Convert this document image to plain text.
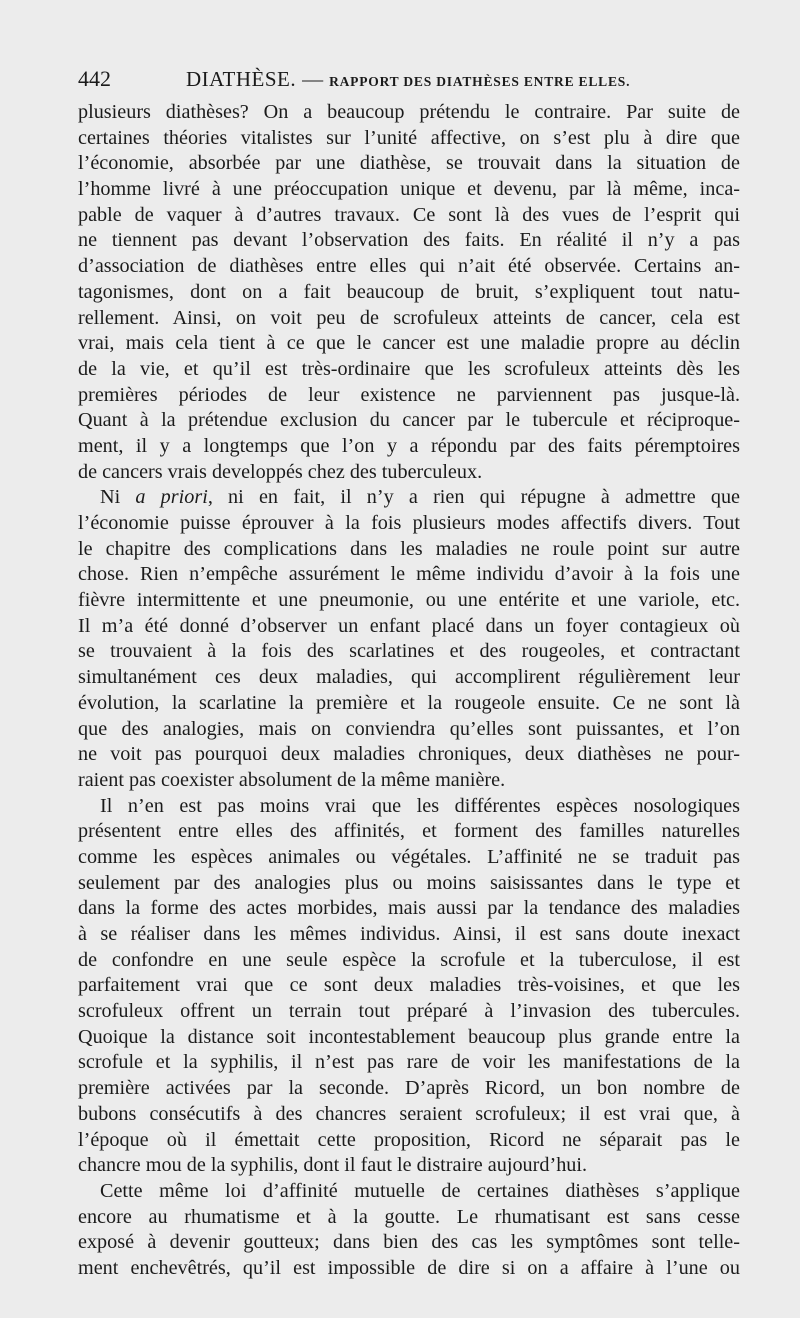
442	DIATHÈSE. — RAPPORT DES DIATHÈSES ENTRE ELLES.
plusieurs diathèses? On a beaucoup prétendu le contraire. Par suite de
certaines théories vitalistes sur l’unité affective, on s’est plu à dire que
l’économie, absorbée par une diathèse, se trouvait dans la situation de
l’homme livré à une préoccupation unique et devenu, par là même, inca-
pable de vaquer à d’autres travaux. Ce sont là des vues de l’esprit qui
ne tiennent pas devant l’observation des faits. En réalité il n’y a pas
d’association de diathèses entre elles qui n’ait été observée. Certains an-
tagonismes, dont on a fait beaucoup de bruit, s’expliquent tout natu-
rellement. Ainsi, on voit peu de scrofuleux atteints de cancer, cela est
vrai, mais cela tient à ce que le cancer est une maladie propre au déclin
de la vie, et qu’il est très-ordinaire que les scrofuleux atteints dès les
premières périodes de leur existence ne parviennent pas jusque-là.
Quant à la prétendue exclusion du cancer par le tubercule et réciproque-
ment, il y a longtemps que l’on y a répondu par des faits péremptoires
de cancers vrais developpés chez des tuberculeux.
Ni a priori, ni en fait, il n’y a rien qui répugne à admettre que
l’économie puisse éprouver à la fois plusieurs modes affectifs divers. Tout
le chapitre des complications dans les maladies ne roule point sur autre
chose. Rien n’empêche assurément le même individu d’avoir à la fois une
fièvre intermittente et une pneumonie, ou une entérite et une variole, etc.
Il m’a été donné d’observer un enfant placé dans un foyer contagieux où
se trouvaient à la fois des scarlatines et des rougeoles, et contractant
simultanément ces deux maladies, qui accomplirent régulièrement leur
évolution, la scarlatine la première et la rougeole ensuite. Ce ne sont là
que des analogies, mais on conviendra qu’elles sont puissantes, et l’on
ne voit pas pourquoi deux maladies chroniques, deux diathèses ne pour-
raient pas coexister absolument de la même manière.
Il n’en est pas moins vrai que les différentes espèces nosologiques
présentent entre elles des affinités, et forment des familles naturelles
comme les espèces animales ou végétales. L’affinité ne se traduit pas
seulement par des analogies plus ou moins saisissantes dans le type et
dans la forme des actes morbides, mais aussi par la tendance des maladies
à se réaliser dans les mêmes individus. Ainsi, il est sans doute inexact
de confondre en une seule espèce la scrofule et la tuberculose, il est
parfaitement vrai que ce sont deux maladies très-voisines, et que les
scrofuleux offrent un terrain tout préparé à l’invasion des tubercules.
Quoique la distance soit incontestablement beaucoup plus grande entre la
scrofule et la syphilis, il n’est pas rare de voir les manifestations de la
première activées par la seconde. D’après Ricord, un bon nombre de
bubons consécutifs à des chancres seraient scrofuleux; il est vrai que, à
l’époque où il émettait cette proposition, Ricord ne séparait pas le
chancre mou de la syphilis, dont il faut le distraire aujourd’hui.
Cette même loi d’affinité mutuelle de certaines diathèses s’applique
encore au rhumatisme et à la goutte. Le rhumatisant est sans cesse
exposé à devenir goutteux; dans bien des cas les symptômes sont telle-
ment enchevêtrés, qu’il est impossible de dire si on a affaire à l’une ou
